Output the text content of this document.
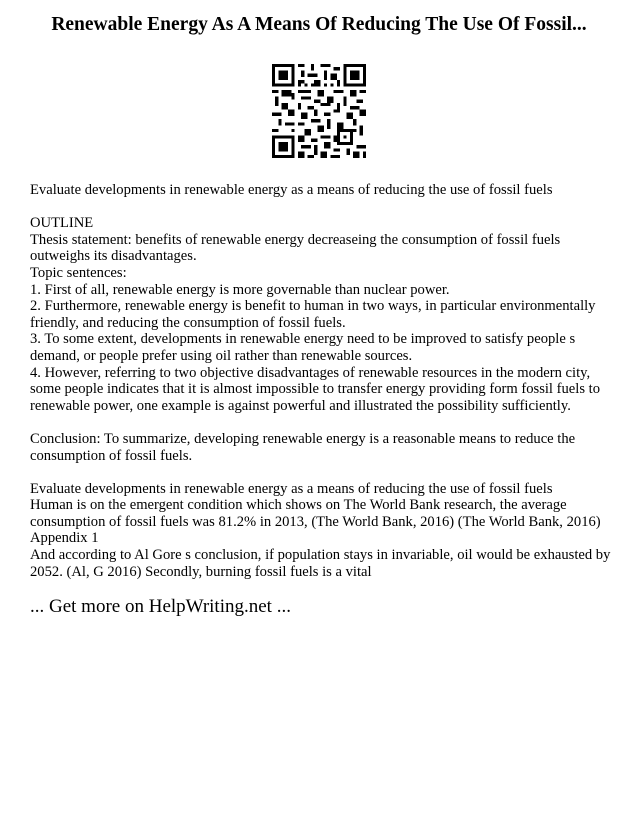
Renewable Energy As A Means Of Reducing The Use Of Fossil...
Evaluate developments in renewable energy as a means of reducing the use of fossil fuels
OUTLINE
Thesis statement: benefits of renewable energy decreaseing the consumption of fossil fuels outweighs its disadvantages.
Topic sentences:
1. First of all, renewable energy is more governable than nuclear power.
2. Furthermore, renewable energy is benefit to human in two ways, in particular environmentally friendly, and reducing the consumption of fossil fuels.
3. To some extent, developments in renewable energy need to be improved to satisfy people s demand, or people prefer using oil rather than renewable sources.
4. However, referring to two objective disadvantages of renewable resources in the modern city, some people indicates that it is almost impossible to transfer energy providing form fossil fuels to renewable power, one example is against powerful and illustrated the possibility sufficiently.
Conclusion: To summarize, developing renewable energy is a reasonable means to reduce the consumption of fossil fuels.
Evaluate developments in renewable energy as a means of reducing the use of fossil fuels
Human is on the emergent condition which shows on The World Bank research, the average consumption of fossil fuels was 81.2% in 2013, (The World Bank, 2016) (The World Bank, 2016)
Appendix 1
And according to Al Gore s conclusion, if population stays in invariable, oil would be exhausted by 2052. (Al, G 2016) Secondly, burning fossil fuels is a vital
... Get more on HelpWriting.net ...
